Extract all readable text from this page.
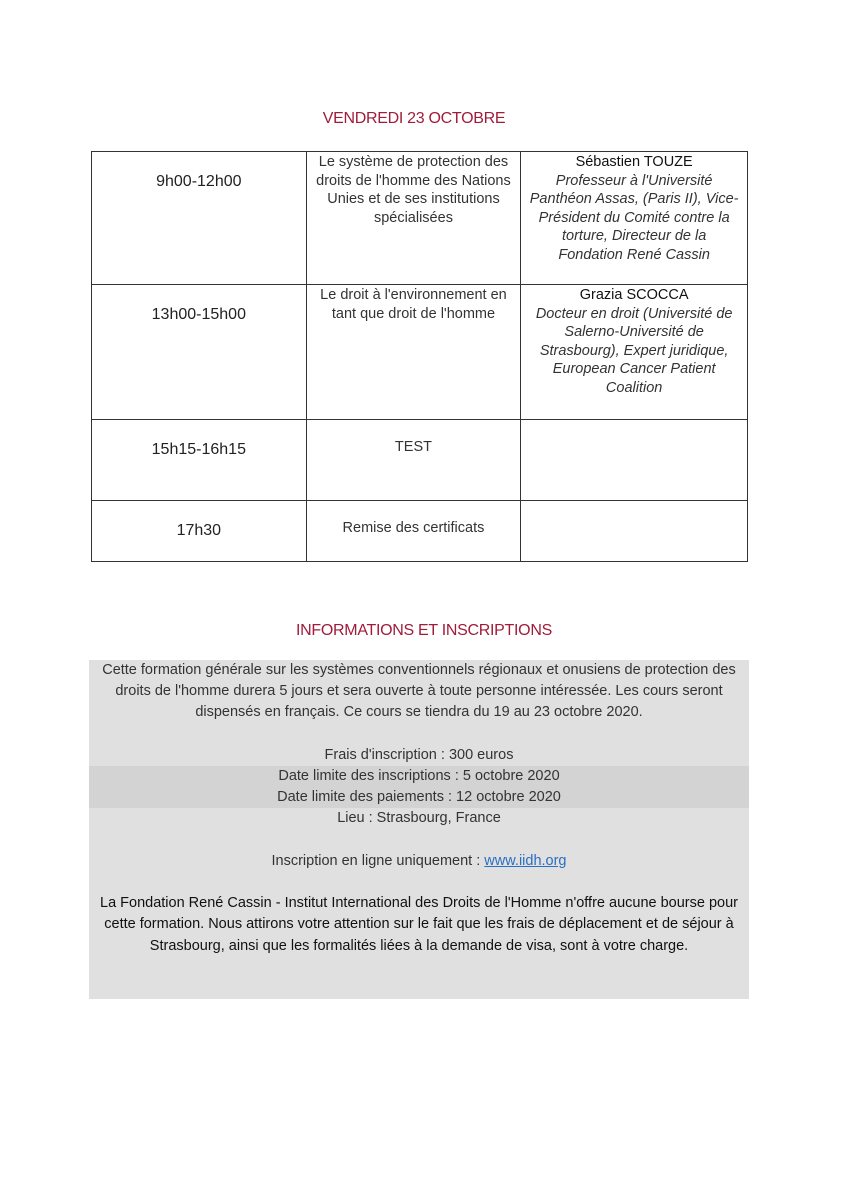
VENDREDI 23 OCTOBRE
9h00-12h00	Le système de protection des droits de l'homme des Nations Unies et de ses institutions spécialisées	Sébastien TOUZE
Professeur à l'Université Panthéon Assas, (Paris II), Vice-Président du Comité contre la torture, Directeur de la Fondation René Cassin

13h00-15h00	Le droit à l'environnement en tant que droit de l'homme	Grazia SCOCCA
Docteur en droit (Université de Salerno-Université de Strasbourg), Expert juridique, European Cancer Patient Coalition

15h15-16h15	TEST	

17h30	Remise des certificats	

INFORMATIONS ET INSCRIPTIONS

Cette formation générale sur les systèmes conventionnels régionaux et onusiens de protection des droits de l'homme durera 5 jours et sera ouverte à toute personne intéressée. Les cours seront dispensés en français. Ce cours se tiendra du 19 au 23 octobre 2020.

Frais d'inscription : 300 euros

Date limite des inscriptions : 5 octobre 2020

Date limite des paiements : 12 octobre 2020

Lieu : Strasbourg, France

Inscription en ligne uniquement : www.iidh.org

La Fondation René Cassin - Institut International des Droits de l'Homme n'offre aucune bourse pour cette formation. Nous attirons votre attention sur le fait que les frais de déplacement et de séjour à Strasbourg, ainsi que les formalités liées à la demande de visa, sont à votre charge.
